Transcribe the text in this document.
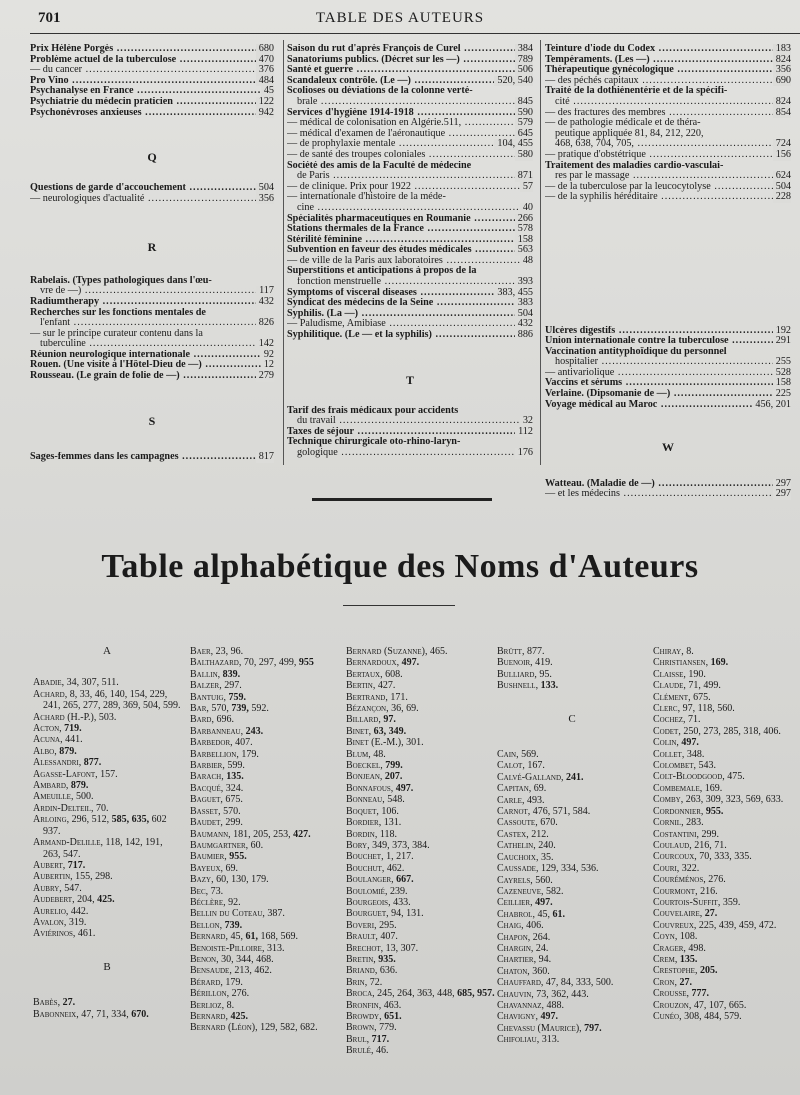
701	TABLE DES AUTEURS
Prix Hélène Porgès .....	680
Problème actuel de la tuberculose .....	470
— du cancer .....	376
Pro Vino .....	484
Psychanalyse en France .....	45
Psychiatrie du médecin praticien .....	122
Psychonévroses anxieuses .....	942
Q
Questions de garde d'accouchement .....	504
— neurologiques d'actualité .....	356
R
Rabelais. (Types pathologiques dans l'œu-
vre de —) .....	117
Radiumtherapy .....	432
Recherches sur les fonctions mentales de
l'enfant .....	826
— sur le principe curateur contenu dans la
tuberculine .....	142
Réunion neurologique internationale .....	92
Rouen. (Une visite à l'Hôtel-Dieu de —) .....	12
Rousseau. (Le grain de folie de —) .....	279
S
Sages-femmes dans les campagnes .....	817
Saison du rut d'après François de Curel .....	384
Sanatoriums publics. (Décret sur les —) .....	789
Santé et guerre .....	506
Scandaleux contrôle. (Le —) .....	520, 540
Scolioses ou déviations de la colonne verté-
brale .....	845
Services d'hygiène 1914-1918 .....	590
— médical de colonisation en Algérie.511, .....	579
— médical d'examen de l'aéronautique .....	645
— de prophylaxie mentale .....	104, 455
— de santé des troupes coloniales .....	580
Société des amis de la Faculté de médecine
de Paris .....	871
— de clinique. Prix pour 1922 .....	57
— internationale d'histoire de la méde-
cine .....	40
Spécialités pharmaceutiques en Roumanie .....	266
Stations thermales de la France .....	578
Stérilité féminine .....	158
Subvention en faveur des études médicales .....	563
— de ville de la Paris aux laboratoires .....	48
Superstitions et anticipations à propos de la
fonction menstruelle .....	393
Symptoms of visceral diseases .....	383, 455
Syndicat des médecins de la Seine .....	383
Syphilis. (La —) .....	504
— Paludisme, Amibiase .....	432
Syphilitique. (Le — et la syphilis) .....	886
T
Tarif des frais médicaux pour accidents
du travail .....	32
Taxes de séjour .....	112
Technique chirurgicale oto-rhino-laryn-
gologique .....	176
Teinture d'iode du Codex .....	183
Tempéraments. (Les —) .....	824
Thérapeutique gynécologique .....	356
— des péchés capitaux .....	690
Traité de la dothiénentérie et de la spécifi-
cité .....	824
— des fractures des membres .....	854
— de pathologie médicale et de théra-
peutique appliquée 81, 84, 212, 220,
468, 638, 704, 705, .....	724
— pratique d'obstétrique .....	156
Traitement des maladies cardio-vasculai-
res par le massage .....	624
— de la tuberculose par la leucocytolyse .....	504
— de la syphilis héréditaire .....	228
Ulcères digestifs .....	192
Union internationale contre la tuberculose .....	291
Vaccination antityphoïdique du personnel
hospitalier .....	255
— antivariolique .....	528
Vaccins et sérums .....	158
Verlaine. (Dipsomanie de —) .....	225
Voyage médical au Maroc .....	456, 201
W
Watteau. (Maladie de —) .....	297
— et les médecins .....	297
Table alphabétique des Noms d'Auteurs
A
Abadie, 34, 307, 511.
Achard, 8, 33, 46, 140, 154, 229, 241, 265, 277, 289, 369, 504, 599.
Achard (H.-P.), 503.
Acton, 719.
Acuna, 441.
Albo, 879.
Alessandri, 877.
Agasse-Lafont, 157.
Ambard, 879.
Ameuille, 500.
Ardin-Delteil, 70.
Arloing, 296, 512, 585, 635, 602 937.
Armand-Delille, 118, 142, 191, 263, 547.
Aubert, 717.
Aubertin, 155, 298.
Aubry, 547.
Audebert, 204, 425.
Aurelio, 442.
Avalon, 319.
Aviérinos, 461.
B
Babès, 27.
Babonneix, 47, 71, 334, 670.
Baer, 23, 96.
Balthazard, 70, 297, 499, 955
Ballin, 839.
Balzer, 297.
Bantuig, 759.
Bar, 570, 739, 592.
Bard, 696.
Barbanneau, 243.
Barbedor, 407.
Barbellion, 179.
Barbier, 599.
Barach, 135.
Bacqué, 324.
Baguet, 675.
Basset, 570.
Baudet, 299.
Baumann, 181, 205, 253, 427.
Baumgartner, 60.
Baumier, 955.
Bayeux, 69.
Bazy, 60, 130, 179.
Bec, 73.
Béclère, 92.
Bellin du Coteau, 387.
Bellon, 739.
Bernard, 45, 61, 168, 569.
Benoiste-Pilloire, 313.
Benon, 30, 344, 468.
Bensaude, 213, 462.
Bérard, 179.
Bérillon, 276.
Berlioz, 8.
Bernard, 425.
Bernard (Léon), 129, 582, 682.
Bernard (Suzanne), 465.
Bernardoux, 497.
Bertaux, 608.
Bertin, 427.
Bertrand, 171.
Bézançon, 36, 69.
Billard, 97.
Binet, 63, 349.
Binet (E.-M.), 301.
Blum, 48.
Boeckel, 799.
Bonjean, 207.
Bonnafous, 497.
Bonneau, 548.
Boquet, 106.
Bordier, 131.
Bordin, 118.
Bory, 349, 373, 384.
Bouchet, 1, 217.
Bouchut, 462.
Boulanger, 667.
Boulomié, 239.
Bourgeois, 433.
Bourguet, 94, 131.
Boveri, 295.
Brault, 407.
Brechot, 13, 307.
Bretin, 935.
Briand, 636.
Brin, 72.
Broca, 245, 264, 363, 448, 685, 957.
Bronfin, 463.
Browdy, 651.
Brown, 779.
Brul, 717.
Brulé, 46.
Brütt, 877.
Buenoir, 419.
Bulliard, 95.
Bushnell, 133.
C
Cain, 569.
Calot, 167.
Calvé-Galland, 241.
Capitan, 69.
Carle, 493.
Carnot, 476, 571, 584.
Cassoute, 670.
Castex, 212.
Cathelin, 240.
Cauchoix, 35.
Caussade, 129, 334, 536.
Cayrels, 560.
Cazeneuve, 582.
Ceillier, 497.
Chabrol, 45, 61.
Chaig, 406.
Chapon, 264.
Chargin, 24.
Chartier, 94.
Chaton, 360.
Chauffard, 47, 84, 333, 500.
Chauvin, 73, 362, 443.
Chavannaz, 488.
Chavigny, 497.
Chevassu (Maurice), 797.
Chifoliau, 313.
Chiray, 8.
Christiansen, 169.
Claisse, 190.
Claude, 71, 499.
Clément, 675.
Clerc, 97, 118, 560.
Cochez, 71.
Codet, 250, 273, 285, 318, 406.
Colin, 497.
Collet, 348.
Colombet, 543.
Colt-Bloodgood, 475.
Combemale, 169.
Comby, 263, 309, 323, 569, 633.
Cordonnier, 955.
Cornil, 283.
Costantini, 299.
Coulaud, 216, 71.
Courcoux, 70, 333, 335.
Couri, 322.
Couréménos, 276.
Courmont, 216.
Courtois-Suffit, 359.
Couvelaire, 27.
Couvreux, 225, 439, 459, 472.
Coyn, 108.
Crager, 498.
Crem, 135.
Crestophe, 205.
Cron, 27.
Crousse, 777.
Crouzon, 47, 107, 665.
Cunéo, 308, 484, 579.
